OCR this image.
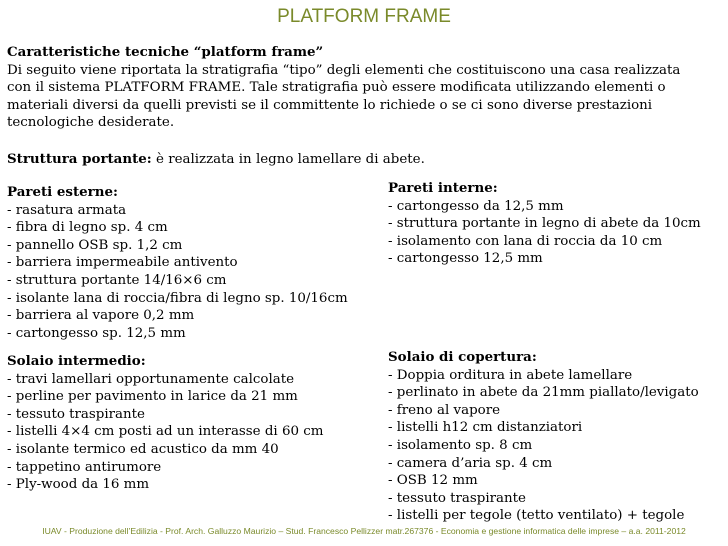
PLATFORM FRAME
Caratteristiche tecniche “platform frame”
Di seguito viene riportata la stratigrafia “tipo” degli elementi che costituiscono una casa realizzata
con il sistema PLATFORM FRAME. Tale stratigrafia può essere modificata utilizzando elementi o
materiali diversi da quelli previsti se il committente lo richiede o se ci sono diverse prestazioni
tecnologiche desiderate.
Struttura portante: è realizzata in legno lamellare di abete.
Pareti esterne:
- rasatura armata
- fibra di legno sp. 4 cm
- pannello OSB sp. 1,2 cm
- barriera impermeabile antivento
- struttura portante 14/16×6 cm
- isolante lana di roccia/fibra di legno sp. 10/16cm
- barriera al vapore 0,2 mm
- cartongesso sp. 12,5 mm
Pareti interne:
- cartongesso da 12,5 mm
- struttura portante in legno di abete da 10cm
- isolamento con lana di roccia da 10 cm
- cartongesso 12,5 mm
Solaio intermedio:
- travi lamellari opportunamente calcolate
- perline per pavimento in larice da 21 mm
- tessuto traspirante
- listelli 4×4 cm posti ad un interasse di 60 cm
- isolante termico ed acustico da mm 40
- tappetino antirumore
- Ply-wood da 16 mm
Solaio di copertura:
- Doppia orditura in abete lamellare
- perlinato in abete da 21mm piallato/levigato
- freno al vapore
- listelli h12 cm distanziatori
- isolamento sp. 8 cm
- camera d’aria sp. 4 cm
- OSB 12 mm
- tessuto traspirante
- listelli per tegole (tetto ventilato) + tegole
IUAV - Produzione dell’Edilizia - Prof. Arch. Galluzzo Maurizio – Stud. Francesco Pellizzer matr.267376 - Economia e gestione informatica delle imprese – a.a. 2011-2012
